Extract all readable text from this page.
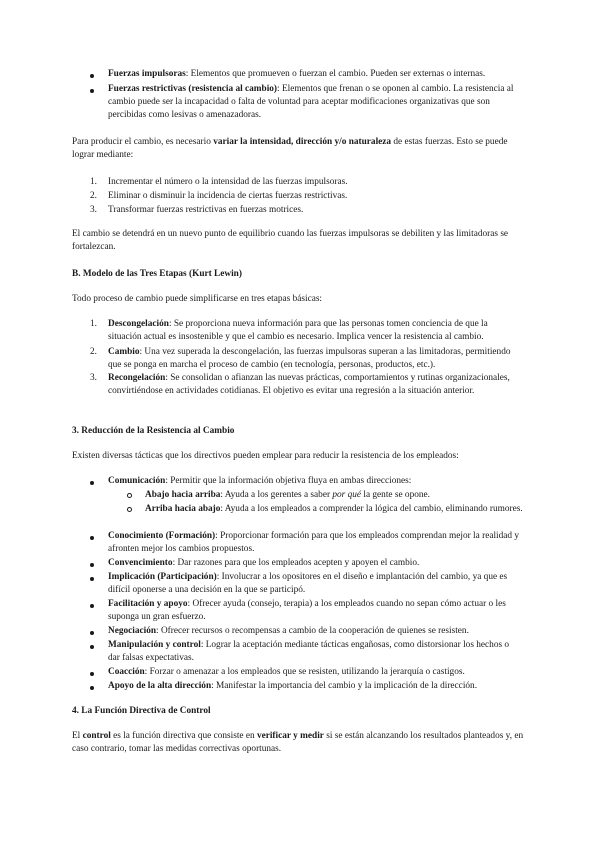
Fuerzas impulsoras: Elementos que promueven o fuerzan el cambio. Pueden ser externas o internas.
Fuerzas restrictivas (resistencia al cambio): Elementos que frenan o se oponen al cambio. La resistencia al cambio puede ser la incapacidad o falta de voluntad para aceptar modificaciones organizativas que son percibidas como lesivas o amenazadoras.

Para producir el cambio, es necesario variar la intensidad, dirección y/o naturaleza de estas fuerzas. Esto se puede lograr mediante:

1. Incrementar el número o la intensidad de las fuerzas impulsoras.
2. Eliminar o disminuir la incidencia de ciertas fuerzas restrictivas.
3. Transformar fuerzas restrictivas en fuerzas motrices.

El cambio se detendrá en un nuevo punto de equilibrio cuando las fuerzas impulsoras se debiliten y las limitadoras se fortalezcan.

B. Modelo de las Tres Etapas (Kurt Lewin)

Todo proceso de cambio puede simplificarse en tres etapas básicas:

1. Descongelación: Se proporciona nueva información para que las personas tomen conciencia de que la situación actual es insostenible y que el cambio es necesario. Implica vencer la resistencia al cambio.
2. Cambio: Una vez superada la descongelación, las fuerzas impulsoras superan a las limitadoras, permitiendo que se ponga en marcha el proceso de cambio (en tecnología, personas, productos, etc.).
3. Recongelación: Se consolidan o afianzan las nuevas prácticas, comportamientos y rutinas organizacionales, convirtiéndose en actividades cotidianas. El objetivo es evitar una regresión a la situación anterior.

3. Reducción de la Resistencia al Cambio

Existen diversas tácticas que los directivos pueden emplear para reducir la resistencia de los empleados:

Comunicación: Permitir que la información objetiva fluya en ambas direcciones:
Abajo hacia arriba: Ayuda a los gerentes a saber por qué la gente se opone.
Arriba hacia abajo: Ayuda a los empleados a comprender la lógica del cambio, eliminando rumores.
Conocimiento (Formación): Proporcionar formación para que los empleados comprendan mejor la realidad y afronten mejor los cambios propuestos.
Convencimiento: Dar razones para que los empleados acepten y apoyen el cambio.
Implicación (Participación): Involucrar a los opositores en el diseño e implantación del cambio, ya que es difícil oponerse a una decisión en la que se participó.
Facilitación y apoyo: Ofrecer ayuda (consejo, terapia) a los empleados cuando no sepan cómo actuar o les suponga un gran esfuerzo.
Negociación: Ofrecer recursos o recompensas a cambio de la cooperación de quienes se resisten.
Manipulación y control: Lograr la aceptación mediante tácticas engañosas, como distorsionar los hechos o dar falsas expectativas.
Coacción: Forzar o amenazar a los empleados que se resisten, utilizando la jerarquía o castigos.
Apoyo de la alta dirección: Manifestar la importancia del cambio y la implicación de la dirección.

4. La Función Directiva de Control

El control es la función directiva que consiste en verificar y medir si se están alcanzando los resultados planteados y, en caso contrario, tomar las medidas correctivas oportunas.
